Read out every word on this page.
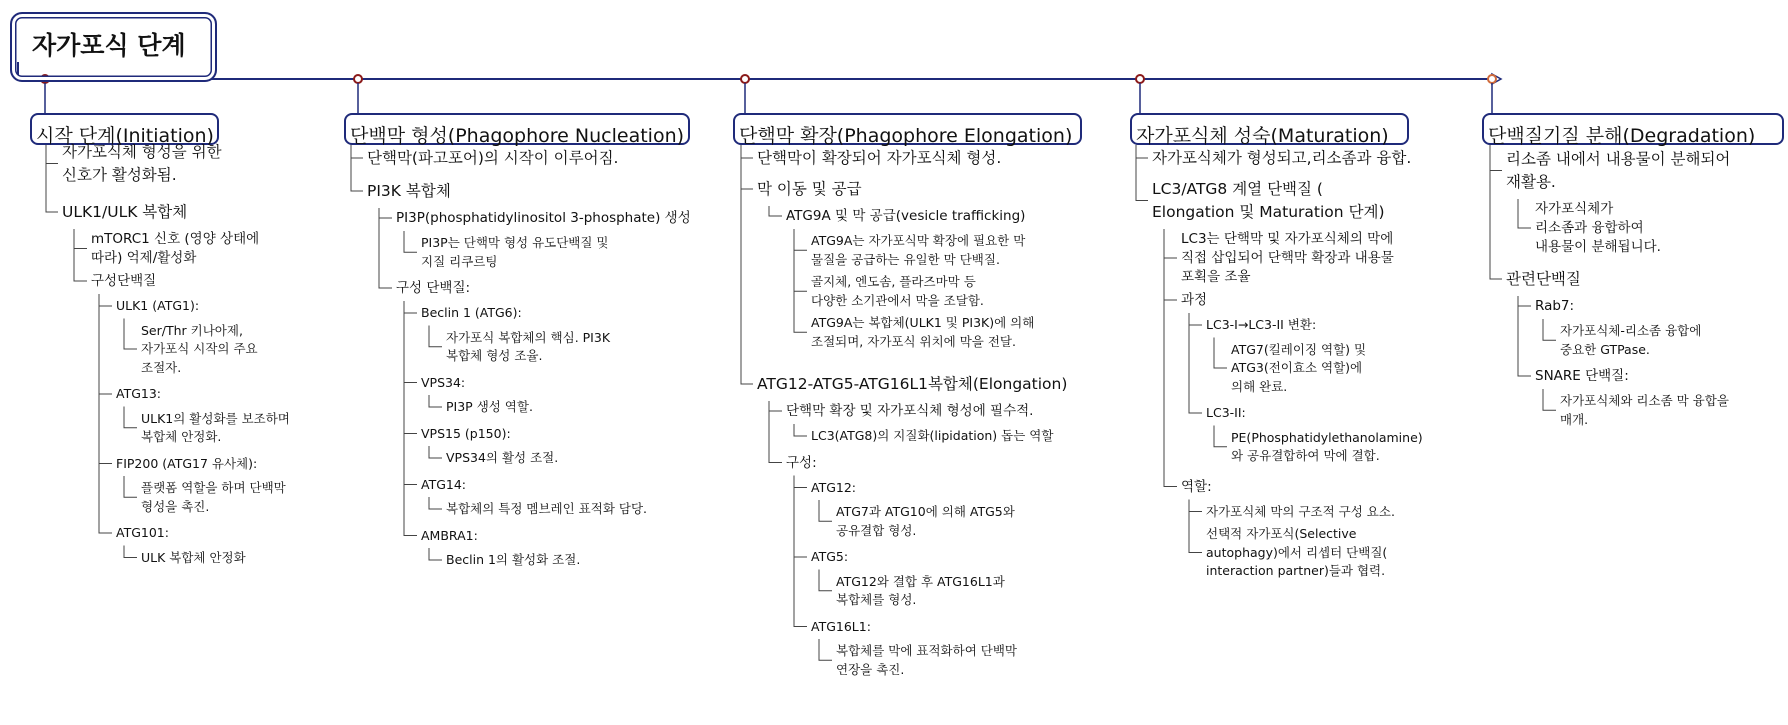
자가포식 단계
시작 단계(Initiation)
자가포식체 형성을 위한
신호가 활성화됨.
ULK1/ULK 복합체
mTORC1 신호 (영양 상태에
따라) 억제/활성화
구성단백질
ULK1 (ATG1):
Ser/Thr 키나아제,
자가포식 시작의 주요
조절자.
ATG13:
ULK1의 활성화를 보조하며
복합체 안정화.
FIP200 (ATG17 유사체):
플랫폼 역할을 하며 단백막
형성을 촉진.
ATG101:
ULK 복합체 안정화
단백막 형성(Phagophore Nucleation)
단핵막(파고포어)의 시작이 이루어짐.
PI3K 복합체
PI3P(phosphatidylinositol 3-phosphate) 생성
PI3P는 단핵막 형성 유도단백질 및
지질 리쿠르팅
구성 단백질:
Beclin 1 (ATG6):
자가포식 복합체의 핵심. PI3K
복합체 형성 조율.
VPS34:
PI3P 생성 역할.
VPS15 (p150):
VPS34의 활성 조절.
ATG14:
복합체의 특정 멤브레인 표적화 담당.
AMBRA1:
Beclin 1의 활성화 조절.
단핵막 확장(Phagophore Elongation)
단핵막이 확장되어 자가포식체 형성.
막 이동 및 공급
ATG9A 및 막 공급(vesicle trafficking)
ATG9A는 자가포식막 확장에 필요한 막
물질을 공급하는 유일한 막 단백질.
골지체, 엔도솜, 플라즈마막 등
다양한 소기관에서 막을 조달함.
ATG9A는 복합체(ULK1 및 PI3K)에 의해
조절되며, 자가포식 위치에 막을 전달.
ATG12-ATG5-ATG16L1복합체(Elongation)
단핵막 확장 및 자가포식체 형성에 필수적.
LC3(ATG8)의 지질화(lipidation) 돕는 역할
구성:
ATG12:
ATG7과 ATG10에 의해 ATG5와
공유결합 형성.
ATG5:
ATG12와 결합 후 ATG16L1과
복합체를 형성.
ATG16L1:
복합체를 막에 표적화하여 단백막
연장을 촉진.
자가포식체 성숙(Maturation)
자가포식체가 형성되고,리소좀과 융합.
LC3/ATG8 계열 단백질 (
Elongation 및 Maturation 단계)
LC3는 단핵막 및 자가포식체의 막에
직접 삽입되어 단핵막 확장과 내용물
포획을 조율
과정
LC3-I→LC3-II 변환:
ATG7(킬레이징 역할) 및
ATG3(전이효소 역할)에
의해 완료.
LC3-II:
PE(Phosphatidylethanolamine)
와 공유결합하여 막에 결합.
역할:
자가포식체 막의 구조적 구성 요소.
선택적 자가포식(Selective
autophagy)에서 리셉터 단백질(
interaction partner)들과 협력.
단백질기질 분해(Degradation)
리소좀 내에서 내용물이 분해되어
재활용.
자가포식체가
리소좀과 융합하여
내용물이 분해됩니다.
관련단백질
Rab7:
자가포식체-리소좀 융합에
중요한 GTPase.
SNARE 단백질:
자가포식체와 리소좀 막 융합을
매개.
